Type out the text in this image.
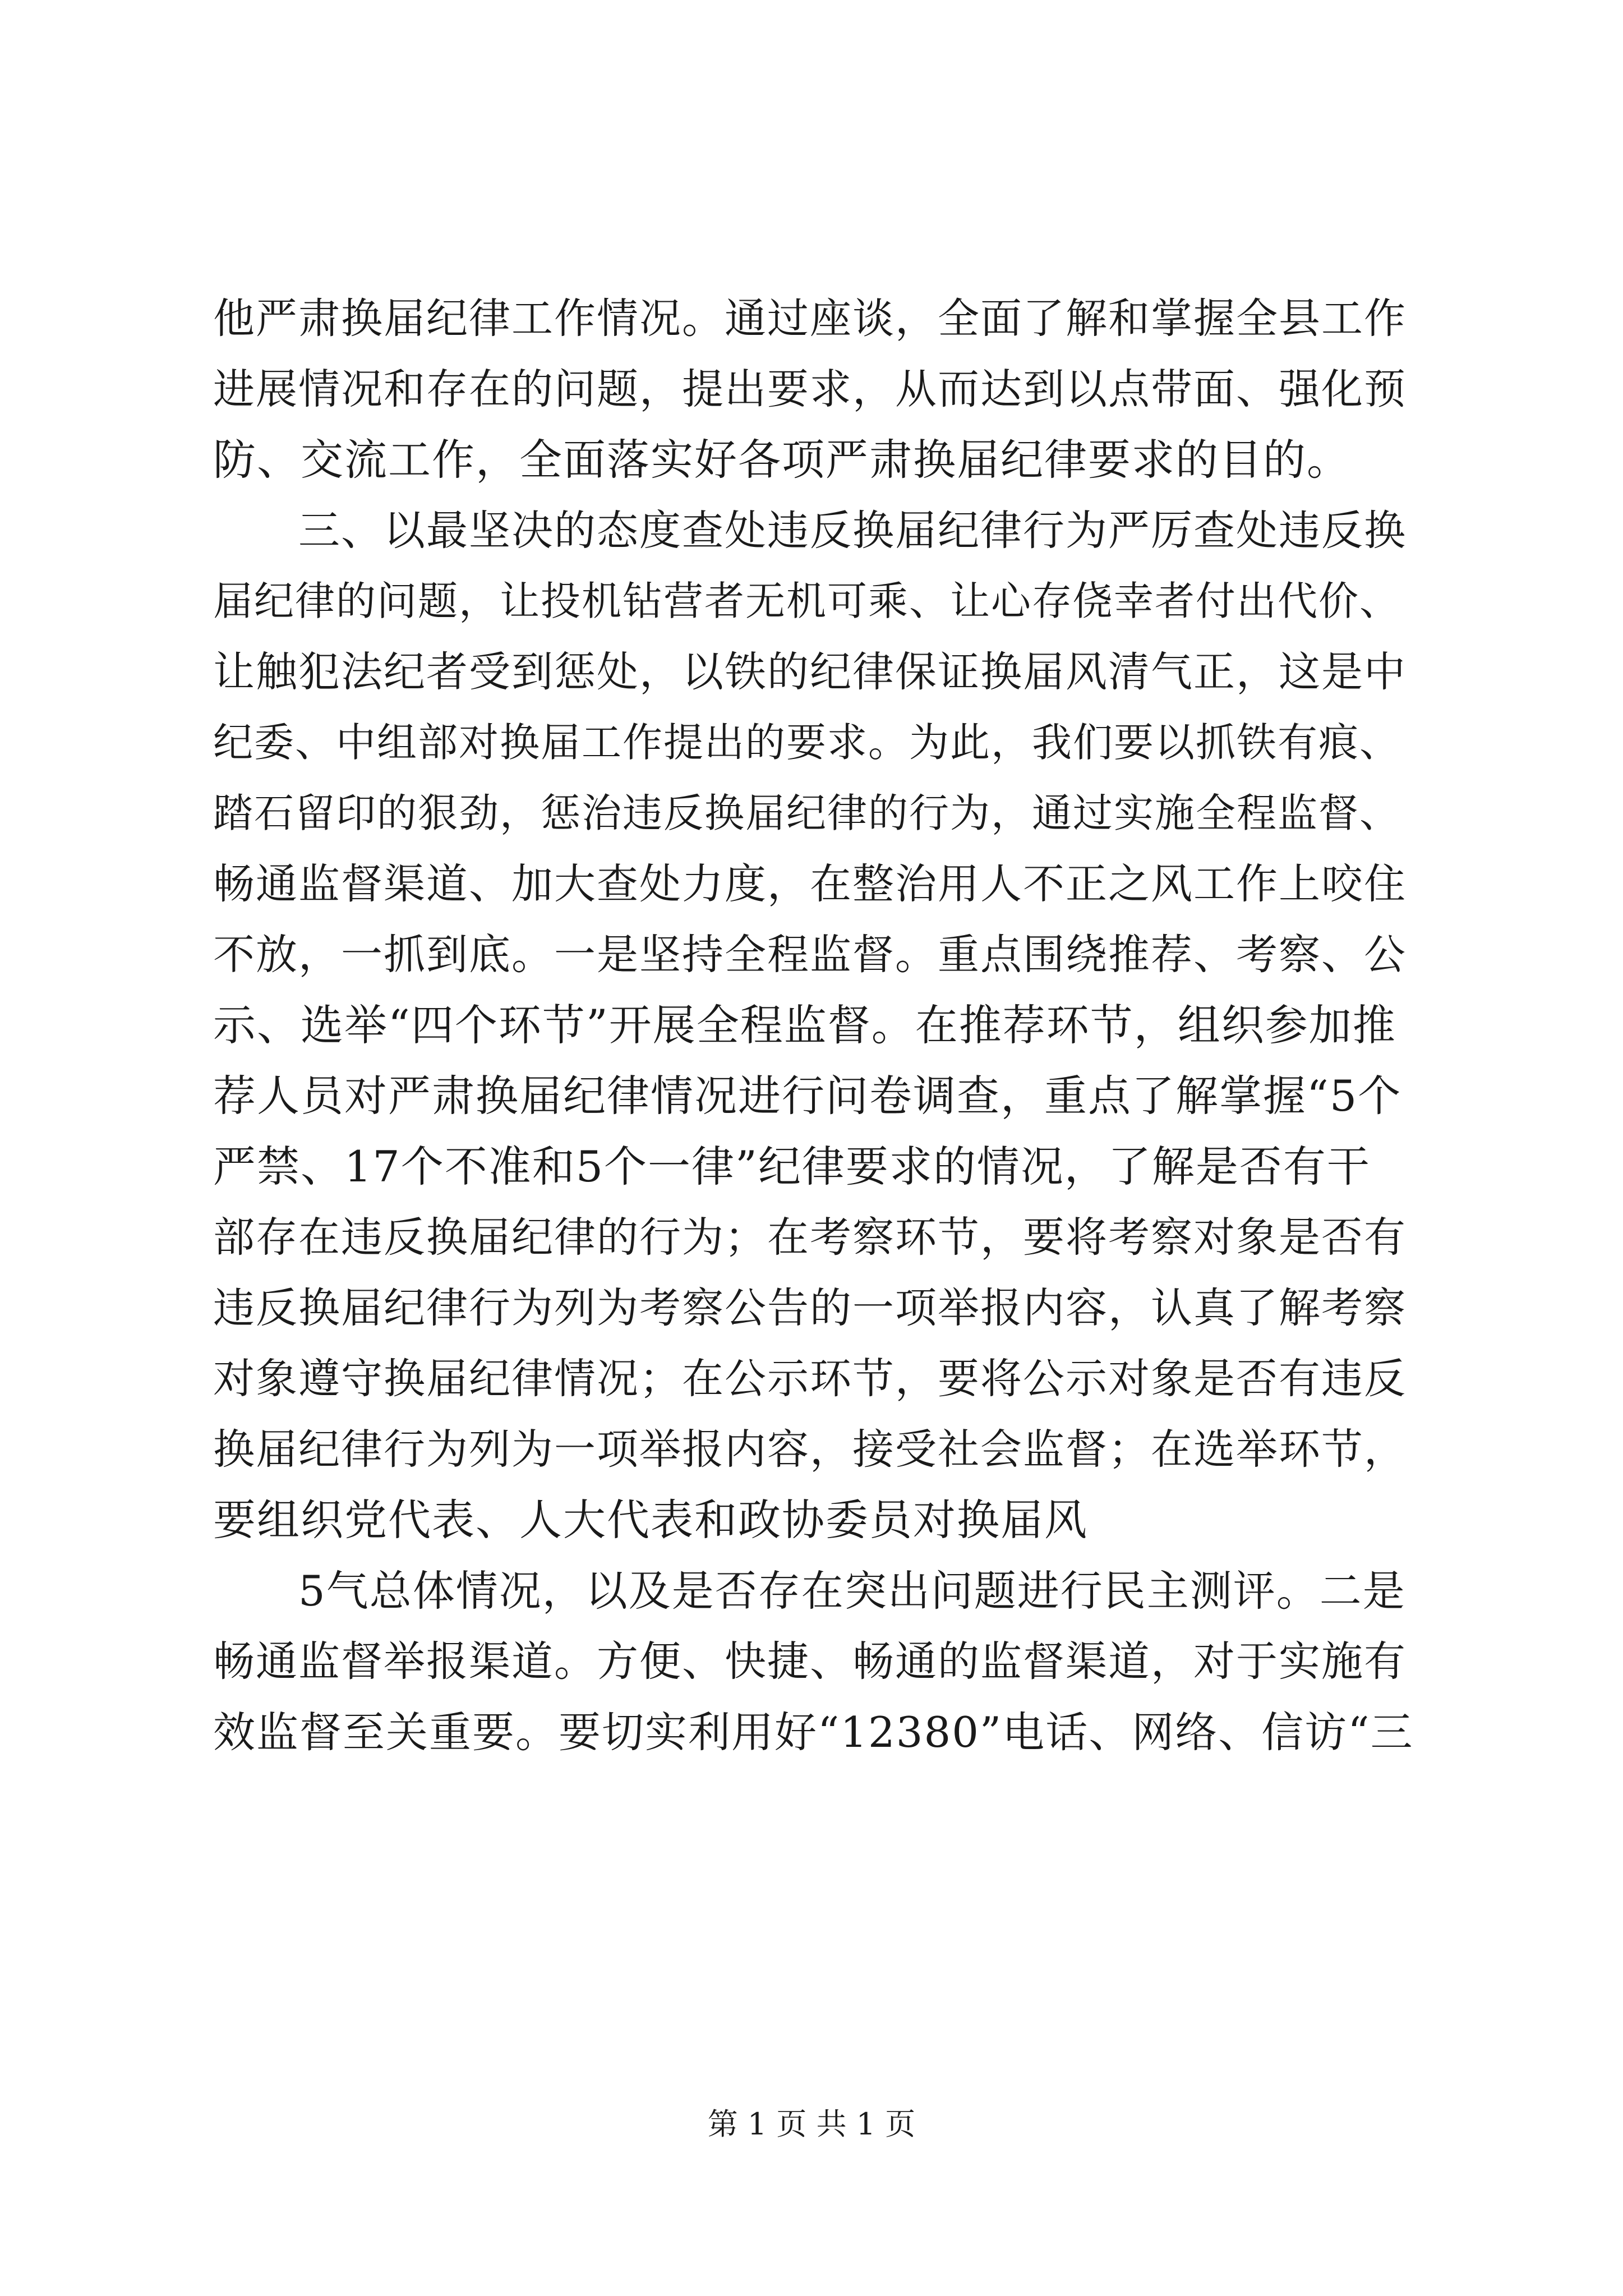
他严肃换届纪律工作情况。通过座谈，全面了解和掌握全县工作
进展情况和存在的问题，提出要求，从而达到以点带面、强化预
防、交流工作，全面落实好各项严肃换届纪律要求的目的。
三、以最坚决的态度查处违反换届纪律行为严厉查处违反换
届纪律的问题，让投机钻营者无机可乘、让心存侥幸者付出代价、
让触犯法纪者受到惩处，以铁的纪律保证换届风清气正，这是中
纪委、中组部对换届工作提出的要求。为此，我们要以抓铁有痕、
踏石留印的狠劲，惩治违反换届纪律的行为，通过实施全程监督、
畅通监督渠道、加大查处力度，在整治用人不正之风工作上咬住
不放，一抓到底。一是坚持全程监督。重点围绕推荐、考察、公
示、选举“四个环节”开展全程监督。在推荐环节，组织参加推
荐人员对严肃换届纪律情况进行问卷调查，重点了解掌握“5个
严禁、17个不准和5个一律”纪律要求的情况，了解是否有干
部存在违反换届纪律的行为；在考察环节，要将考察对象是否有
违反换届纪律行为列为考察公告的一项举报内容，认真了解考察
对象遵守换届纪律情况；在公示环节，要将公示对象是否有违反
换届纪律行为列为一项举报内容，接受社会监督；在选举环节，
要组织党代表、人大代表和政协委员对换届风
5气总体情况，以及是否存在突出问题进行民主测评。二是
畅通监督举报渠道。方便、快捷、畅通的监督渠道，对于实施有
效监督至关重要。要切实利用好“12380”电话、网络、信访“三
第 1 页 共 1 页
